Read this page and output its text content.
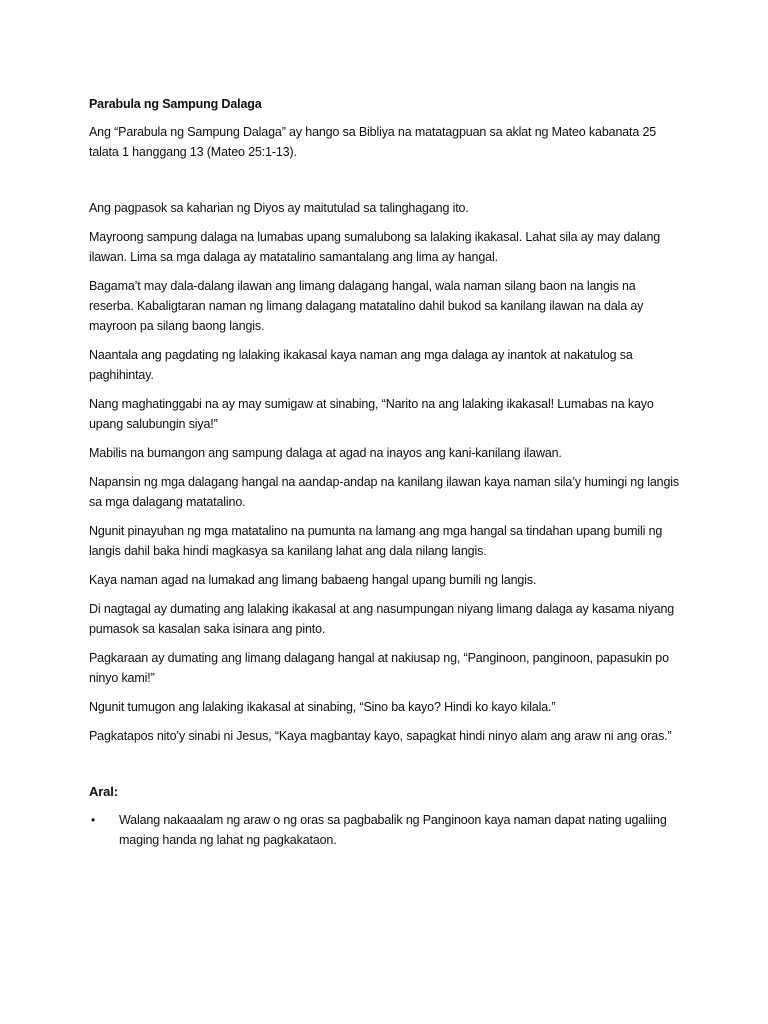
Parabula ng Sampung Dalaga
Ang “Parabula ng Sampung Dalaga” ay hango sa Bibliya na matatagpuan sa aklat ng Mateo kabanata 25 talata 1 hanggang 13 (Mateo 25:1-13).
Ang pagpasok sa kaharian ng Diyos ay maitutulad sa talinghagang ito.
Mayroong sampung dalaga na lumabas upang sumalubong sa lalaking ikakasal. Lahat sila ay may dalang ilawan. Lima sa mga dalaga ay matatalino samantalang ang lima ay hangal.
Bagama’t may dala-dalang ilawan ang limang dalagang hangal, wala naman silang baon na langis na reserba. Kabaligtaran naman ng limang dalagang matatalino dahil bukod sa kanilang ilawan na dala ay mayroon pa silang baong langis.
Naantala ang pagdating ng lalaking ikakasal kaya naman ang mga dalaga ay inantok at nakatulog sa paghihintay.
Nang maghatinggabi na ay may sumigaw at sinabing, “Narito na ang lalaking ikakasal! Lumabas na kayo upang salubungin siya!”
Mabilis na bumangon ang sampung dalaga at agad na inayos ang kani-kanilang ilawan.
Napansin ng mga dalagang hangal na aandap-andap na kanilang ilawan kaya naman sila’y humingi ng langis sa mga dalagang matatalino.
Ngunit pinayuhan ng mga matatalino na pumunta na lamang ang mga hangal sa tindahan upang bumili ng langis dahil baka hindi magkasya sa kanilang lahat ang dala nilang langis.
Kaya naman agad na lumakad ang limang babaeng hangal upang bumili ng langis.
Di nagtagal ay dumating ang lalaking ikakasal at ang nasumpungan niyang limang dalaga ay kasama niyang pumasok sa kasalan saka isinara ang pinto.
Pagkaraan ay dumating ang limang dalagang hangal at nakiusap ng, “Panginoon, panginoon, papasukin po ninyo kami!”
Ngunit tumugon ang lalaking ikakasal at sinabing, “Sino ba kayo? Hindi ko kayo kilala.”
Pagkatapos nito’y sinabi ni Jesus, “Kaya magbantay kayo, sapagkat hindi ninyo alam ang araw ni ang oras.”
Aral:
• Walang nakaaalam ng araw o ng oras sa pagbabalik ng Panginoon kaya naman dapat nating ugaliing maging handa ng lahat ng pagkakataon.
